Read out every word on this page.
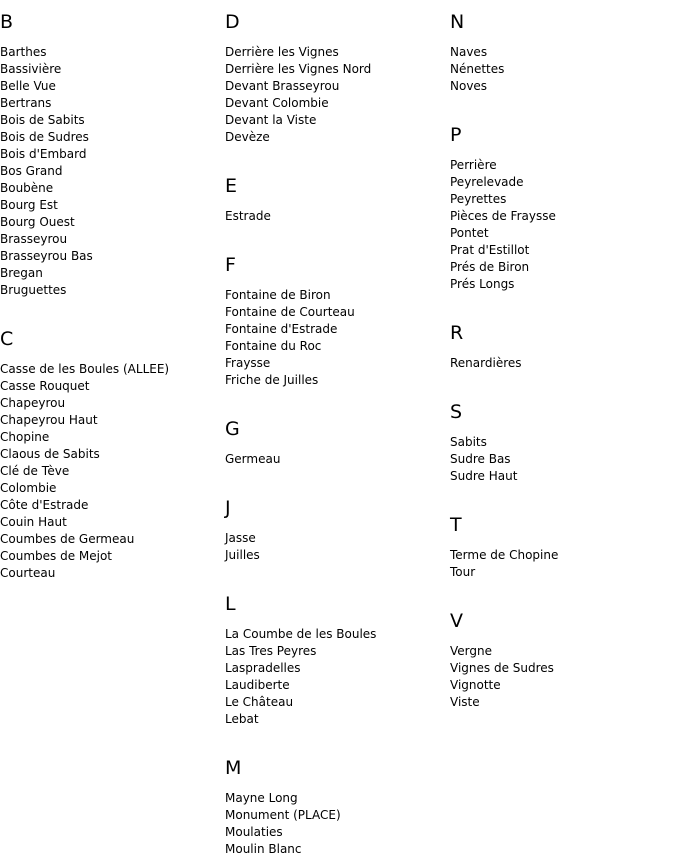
B
Barthes
Bassivière
Belle Vue
Bertrans
Bois de Sabits
Bois de Sudres
Bois d'Embard
Bos Grand
Boubène
Bourg Est
Bourg Ouest
Brasseyrou
Brasseyrou Bas
Bregan
Bruguettes
C
Casse de les Boules (ALLEE)
Casse Rouquet
Chapeyrou
Chapeyrou Haut
Chopine
Claous de Sabits
Clé de Tève
Colombie
Côte d'Estrade
Couin Haut
Coumbes de Germeau
Coumbes de Mejot
Courteau
D
Derrière les Vignes
Derrière les Vignes Nord
Devant Brasseyrou
Devant Colombie
Devant la Viste
Devèze
E
Estrade
F
Fontaine de Biron
Fontaine de Courteau
Fontaine d'Estrade
Fontaine du Roc
Fraysse
Friche de Juilles
G
Germeau
J
Jasse
Juilles
L
La Coumbe de les Boules
Las Tres Peyres
Laspradelles
Laudiberte
Le Château
Lebat
M
Mayne Long
Monument (PLACE)
Moulaties
Moulin Blanc
N
Naves
Nénettes
Noves
P
Perrière
Peyrelevade
Peyrettes
Pièces de Fraysse
Pontet
Prat d'Estillot
Prés de Biron
Prés Longs
R
Renardières
S
Sabits
Sudre Bas
Sudre Haut
T
Terme de Chopine
Tour
V
Vergne
Vignes de Sudres
Vignotte
Viste
